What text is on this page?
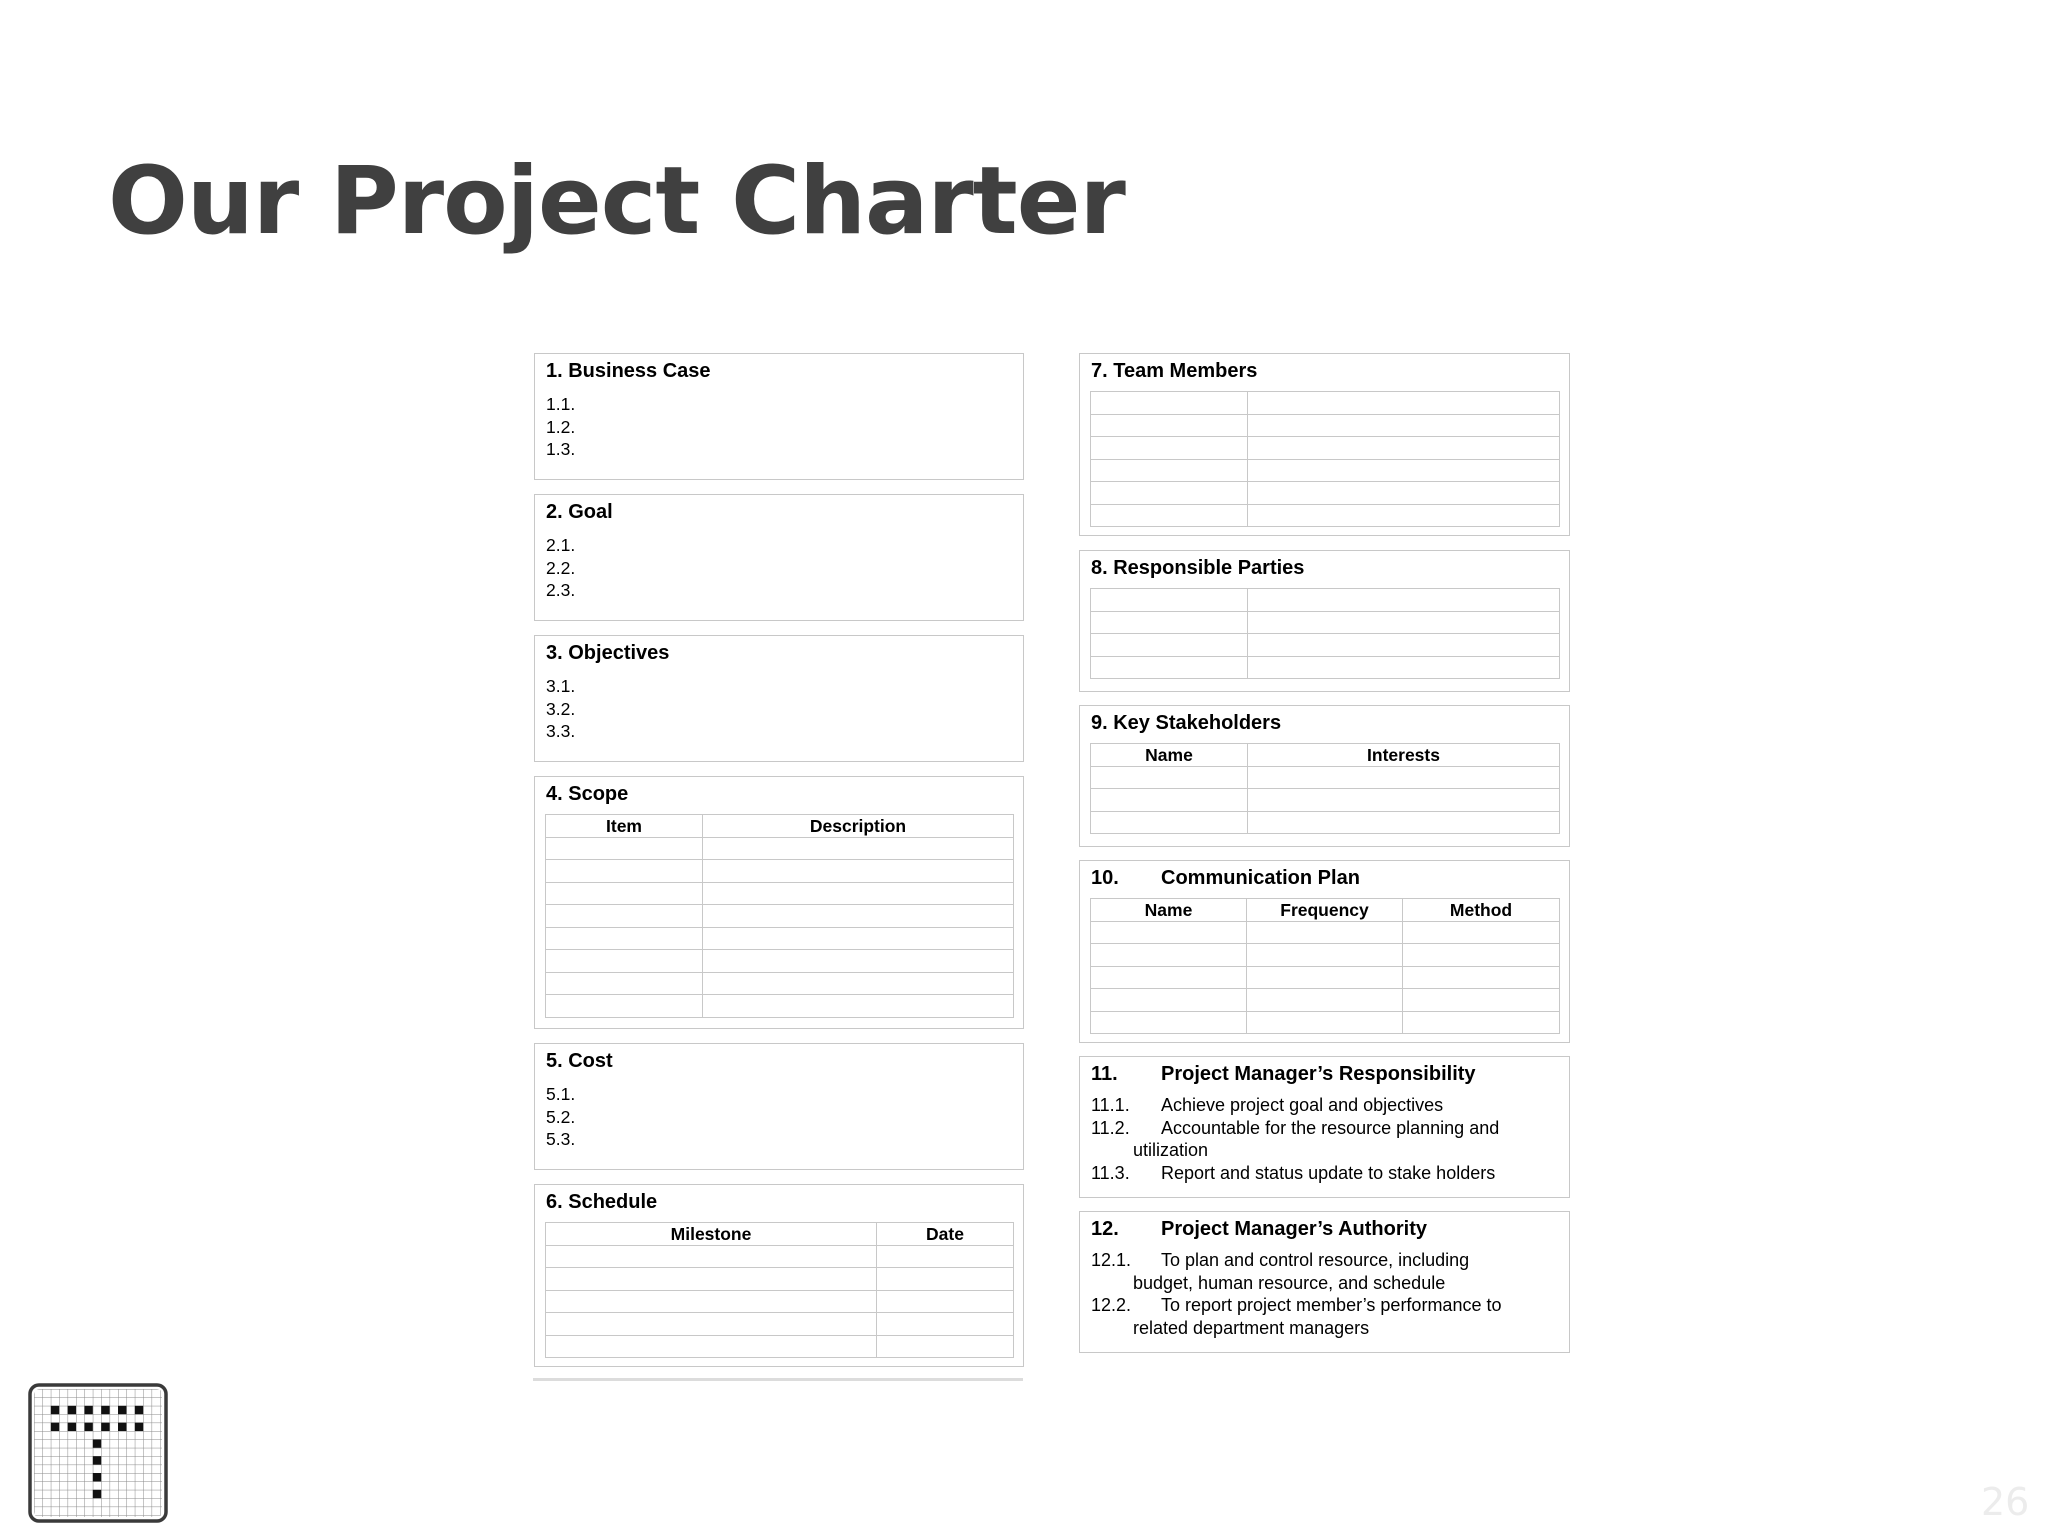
Our Project Charter
1. Business Case
1.1.
1.2.
1.3.
2. Goal
2.1.
2.2.
2.3.
3. Objectives
3.1.
3.2.
3.3.
4. Scope
Item	Description

5. Cost
5.1.
5.2.
5.3.
6. Schedule
Milestone	Date

7. Team Members

8. Responsible Parties

9. Key Stakeholders
Name	Interests

10. Communication Plan
Name	Frequency	Method

11. Project Manager’s Responsibility
11.1. Achieve project goal and objectives
11.2. Accountable for the resource planning and
utilization
11.3. Report and status update to stake holders
12. Project Manager’s Authority
12.1. To plan and control resource, including
budget, human resource, and schedule
12.2. To report project member’s performance to
related department managers
26
